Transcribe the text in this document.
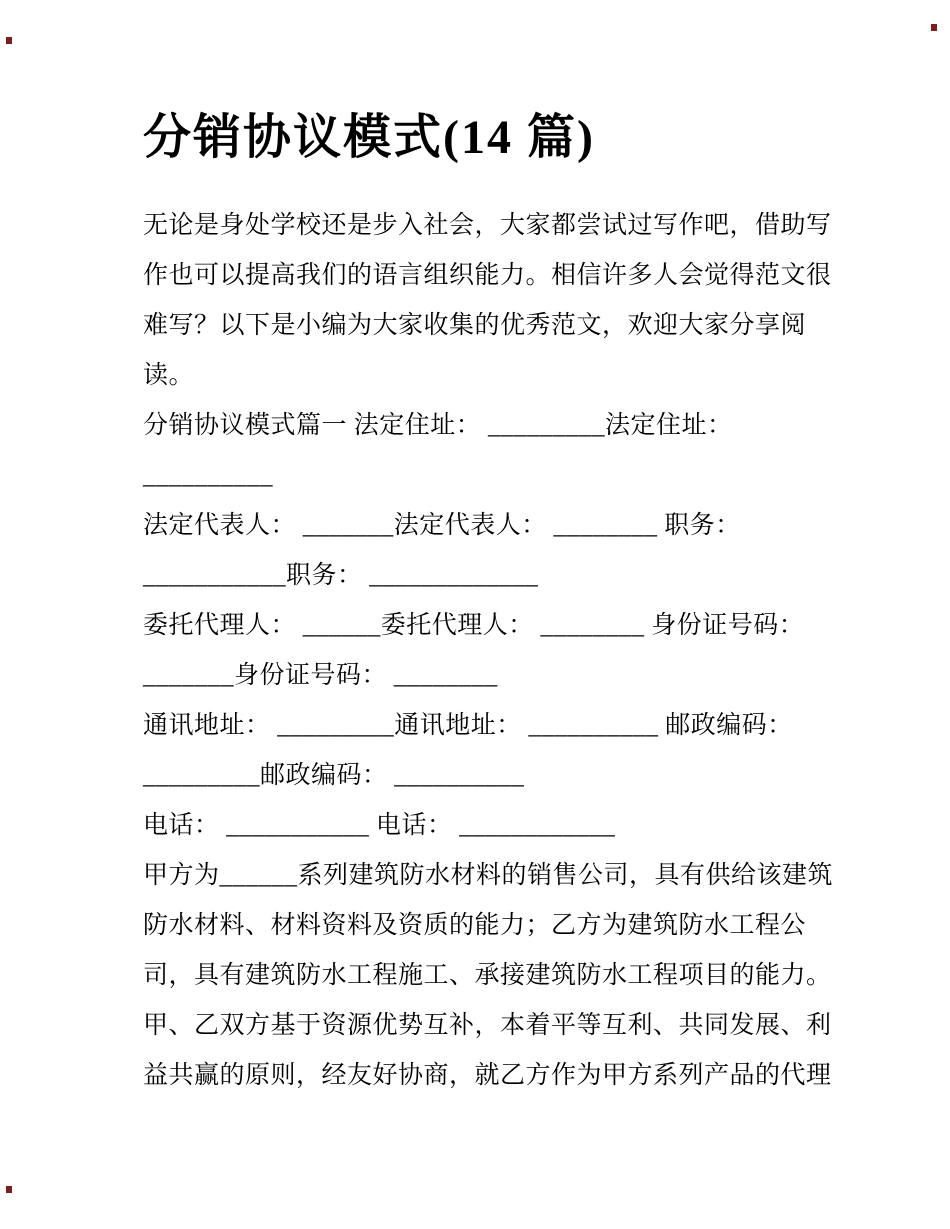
分销协议模式(14 篇)
无论是身处学校还是步入社会，大家都尝试过写作吧，借助写
作也可以提高我们的语言组织能力。相信许多人会觉得范文很
难写？以下是小编为大家收集的优秀范文，欢迎大家分享阅
读。
分销协议模式篇一 法定住址： _________法定住址：
__________
法定代表人： _______法定代表人： ________ 职务：
___________职务： _____________
委托代理人： ______委托代理人： ________ 身份证号码：
_______身份证号码： ________
通讯地址： _________通讯地址： __________ 邮政编码：
_________邮政编码： __________
电话： ___________ 电话： ____________
甲方为______系列建筑防水材料的销售公司，具有供给该建筑
防水材料、材料资料及资质的能力；乙方为建筑防水工程公
司，具有建筑防水工程施工、承接建筑防水工程项目的能力。
甲、乙双方基于资源优势互补，本着平等互利、共同发展、利
益共赢的原则，经友好协商，就乙方作为甲方系列产品的代理
